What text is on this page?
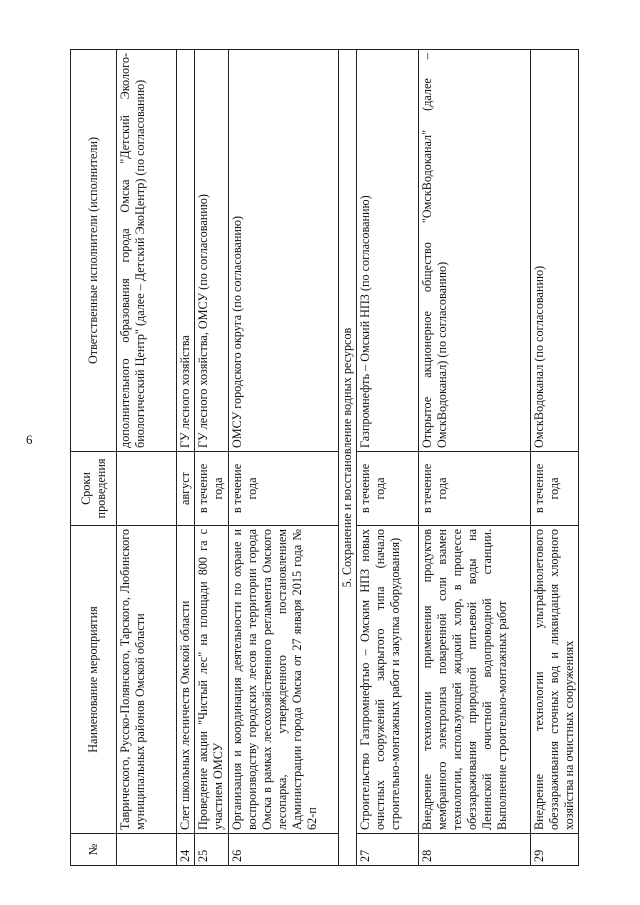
6
№	Наименование мероприятия	Сроки проведения	Ответственные исполнители (исполнители)
	Таврического, Русско-Полянского, Тарского, Любинского муниципальных районов Омской области		дополнительного образования города Омска "Детский Эколого-биологический Центр" (далее – Детский ЭкоЦентр) (по согласованию)
24	Слет школьных лесничеств Омской области	август	ГУ лесного хозяйства
25	Проведение акции "Чистый лес" на площади 800 га с участием ОМСУ	в течение года	ГУ лесного хозяйства, ОМСУ (по согласованию)
26	Организация и координация деятельности по охране и воспроизводству городских лесов на территории города Омска в рамках лесохозяйственного регламента Омского лесопарка, утвержденного постановлением Администрации города Омска от 27 января 2015 года № 62-п	в течение года	ОМСУ городского округа (по согласованию)
5. Сохранение и восстановление водных ресурсов			
27	Строительство Газпромнефтью – Омским НПЗ новых очистных сооружений закрытого типа (начало строительно-монтажных работ и закупка оборудования)	в течение года	Газпромнефть – Омский НПЗ (по согласованию)
28	Внедрение технологии применения продуктов мембранного электролиза поваренной соли взамен технологии, использующей жидкий хлор, в процессе обеззараживания природной питьевой воды на Ленинской очистной водопроводной станции. Выполнение строительно-монтажных работ	в течение года	Открытое акционерное общество "ОмскВодоканал" (далее – ОмскВодоканал) (по согласованию)
29	Внедрение технологии ультрафиолетового обеззараживания сточных вод и ликвидация хлорного хозяйства на очистных сооружениях	в течение года	ОмскВодоканал (по согласованию)
